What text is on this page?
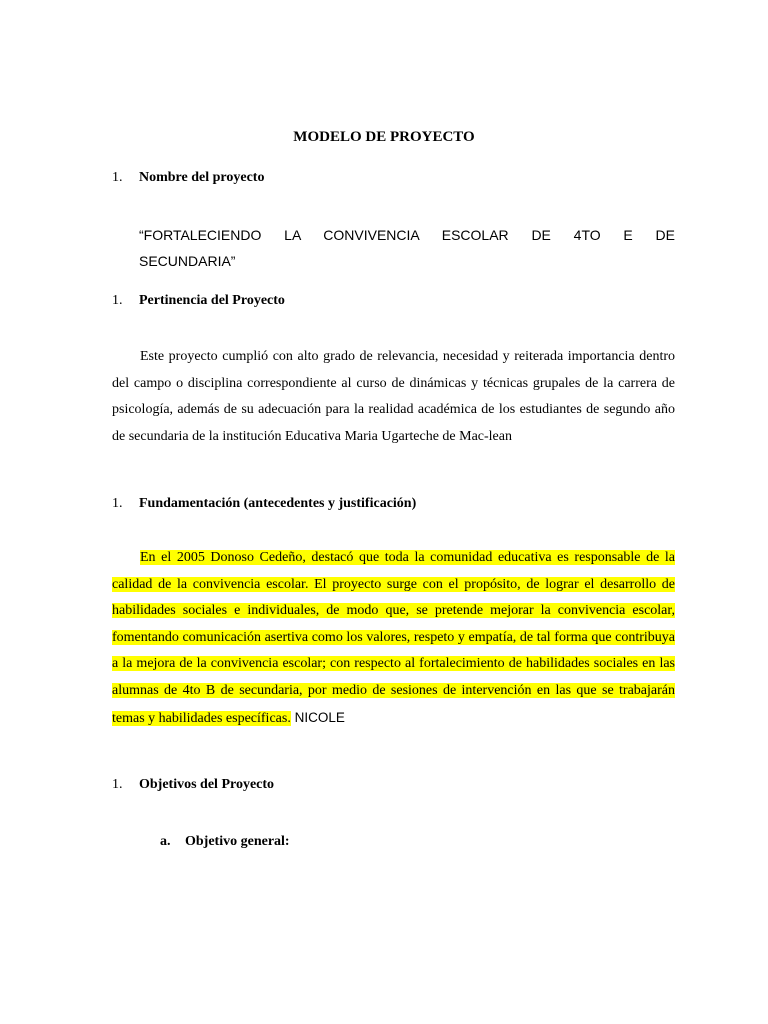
MODELO DE PROYECTO
1. Nombre del proyecto

“FORTALECIENDO LA CONVIVENCIA ESCOLAR DE 4TO E DE SECUNDARIA”

1. Pertinencia del Proyecto

Este proyecto cumplió con alto grado de relevancia, necesidad y reiterada importancia dentro del campo o disciplina correspondiente al curso de dinámicas y técnicas grupales de la carrera de psicología, además de su adecuación para la realidad académica de los estudiantes de segundo año de secundaria de la institución Educativa Maria Ugarteche de Mac-lean

1. Fundamentación (antecedentes y justificación)

En el 2005 Donoso Cedeño, destacó que toda la comunidad educativa es responsable de la calidad de la convivencia escolar. El proyecto surge con el propósito, de lograr el desarrollo de habilidades sociales e individuales, de modo que, se pretende mejorar la convivencia escolar, fomentando comunicación asertiva como los valores, respeto y empatía, de tal forma que contribuya a la mejora de la convivencia escolar; con respecto al fortalecimiento de habilidades sociales en las alumnas de 4to B de secundaria, por medio de sesiones de intervención en las que se trabajarán temas y habilidades específicas. NICOLE

1. Objetivos del Proyecto
a. Objetivo general:
